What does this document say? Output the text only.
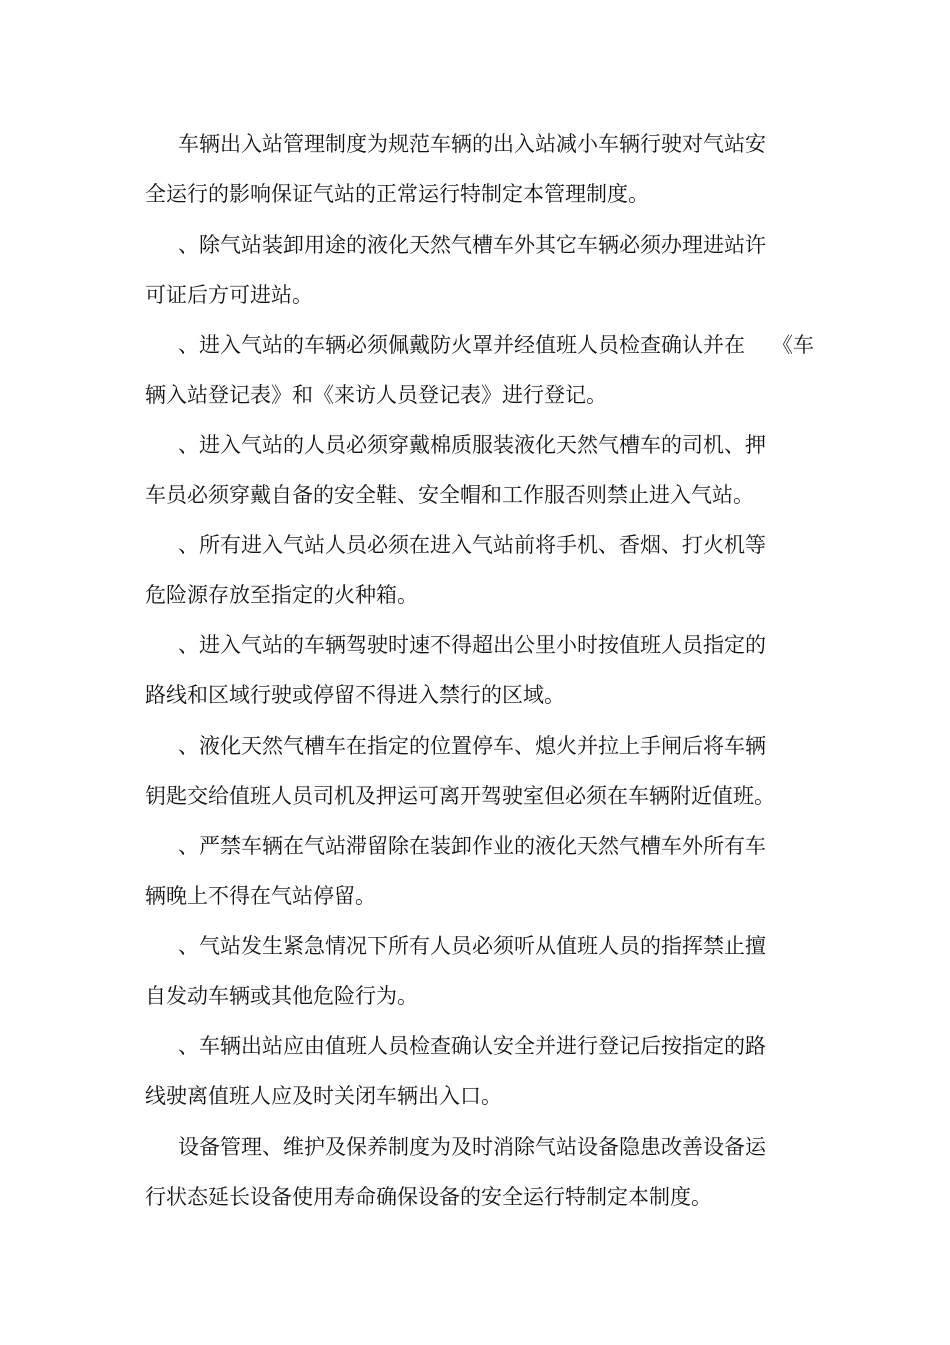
车辆出入站管理制度为规范车辆的出入站减小车辆行驶对气站安
全运行的影响保证气站的正常运行特制定本管理制度。
、除气站装卸用途的液化天然气槽车外其它车辆必须办理进站许
可证后方可进站。
、进入气站的车辆必须佩戴防火罩并经值班人员检查确认并在	《车
辆入站登记表》和《来访人员登记表》进行登记。
、进入气站的人员必须穿戴棉质服装液化天然气槽车的司机、押
车员必须穿戴自备的安全鞋、安全帽和工作服否则禁止进入气站。
、所有进入气站人员必须在进入气站前将手机、香烟、打火机等
危险源存放至指定的火种箱。
、进入气站的车辆驾驶时速不得超出公里小时按值班人员指定的
路线和区域行驶或停留不得进入禁行的区域。
、液化天然气槽车在指定的位置停车、熄火并拉上手闸后将车辆
钥匙交给值班人员司机及押运可离开驾驶室但必须在车辆附近值班。
、严禁车辆在气站滞留除在装卸作业的液化天然气槽车外所有车
辆晚上不得在气站停留。
、气站发生紧急情况下所有人员必须听从值班人员的指挥禁止擅
自发动车辆或其他危险行为。
、车辆出站应由值班人员检查确认安全并进行登记后按指定的路
线驶离值班人应及时关闭车辆出入口。
设备管理、维护及保养制度为及时消除气站设备隐患改善设备运
行状态延长设备使用寿命确保设备的安全运行特制定本制度。
